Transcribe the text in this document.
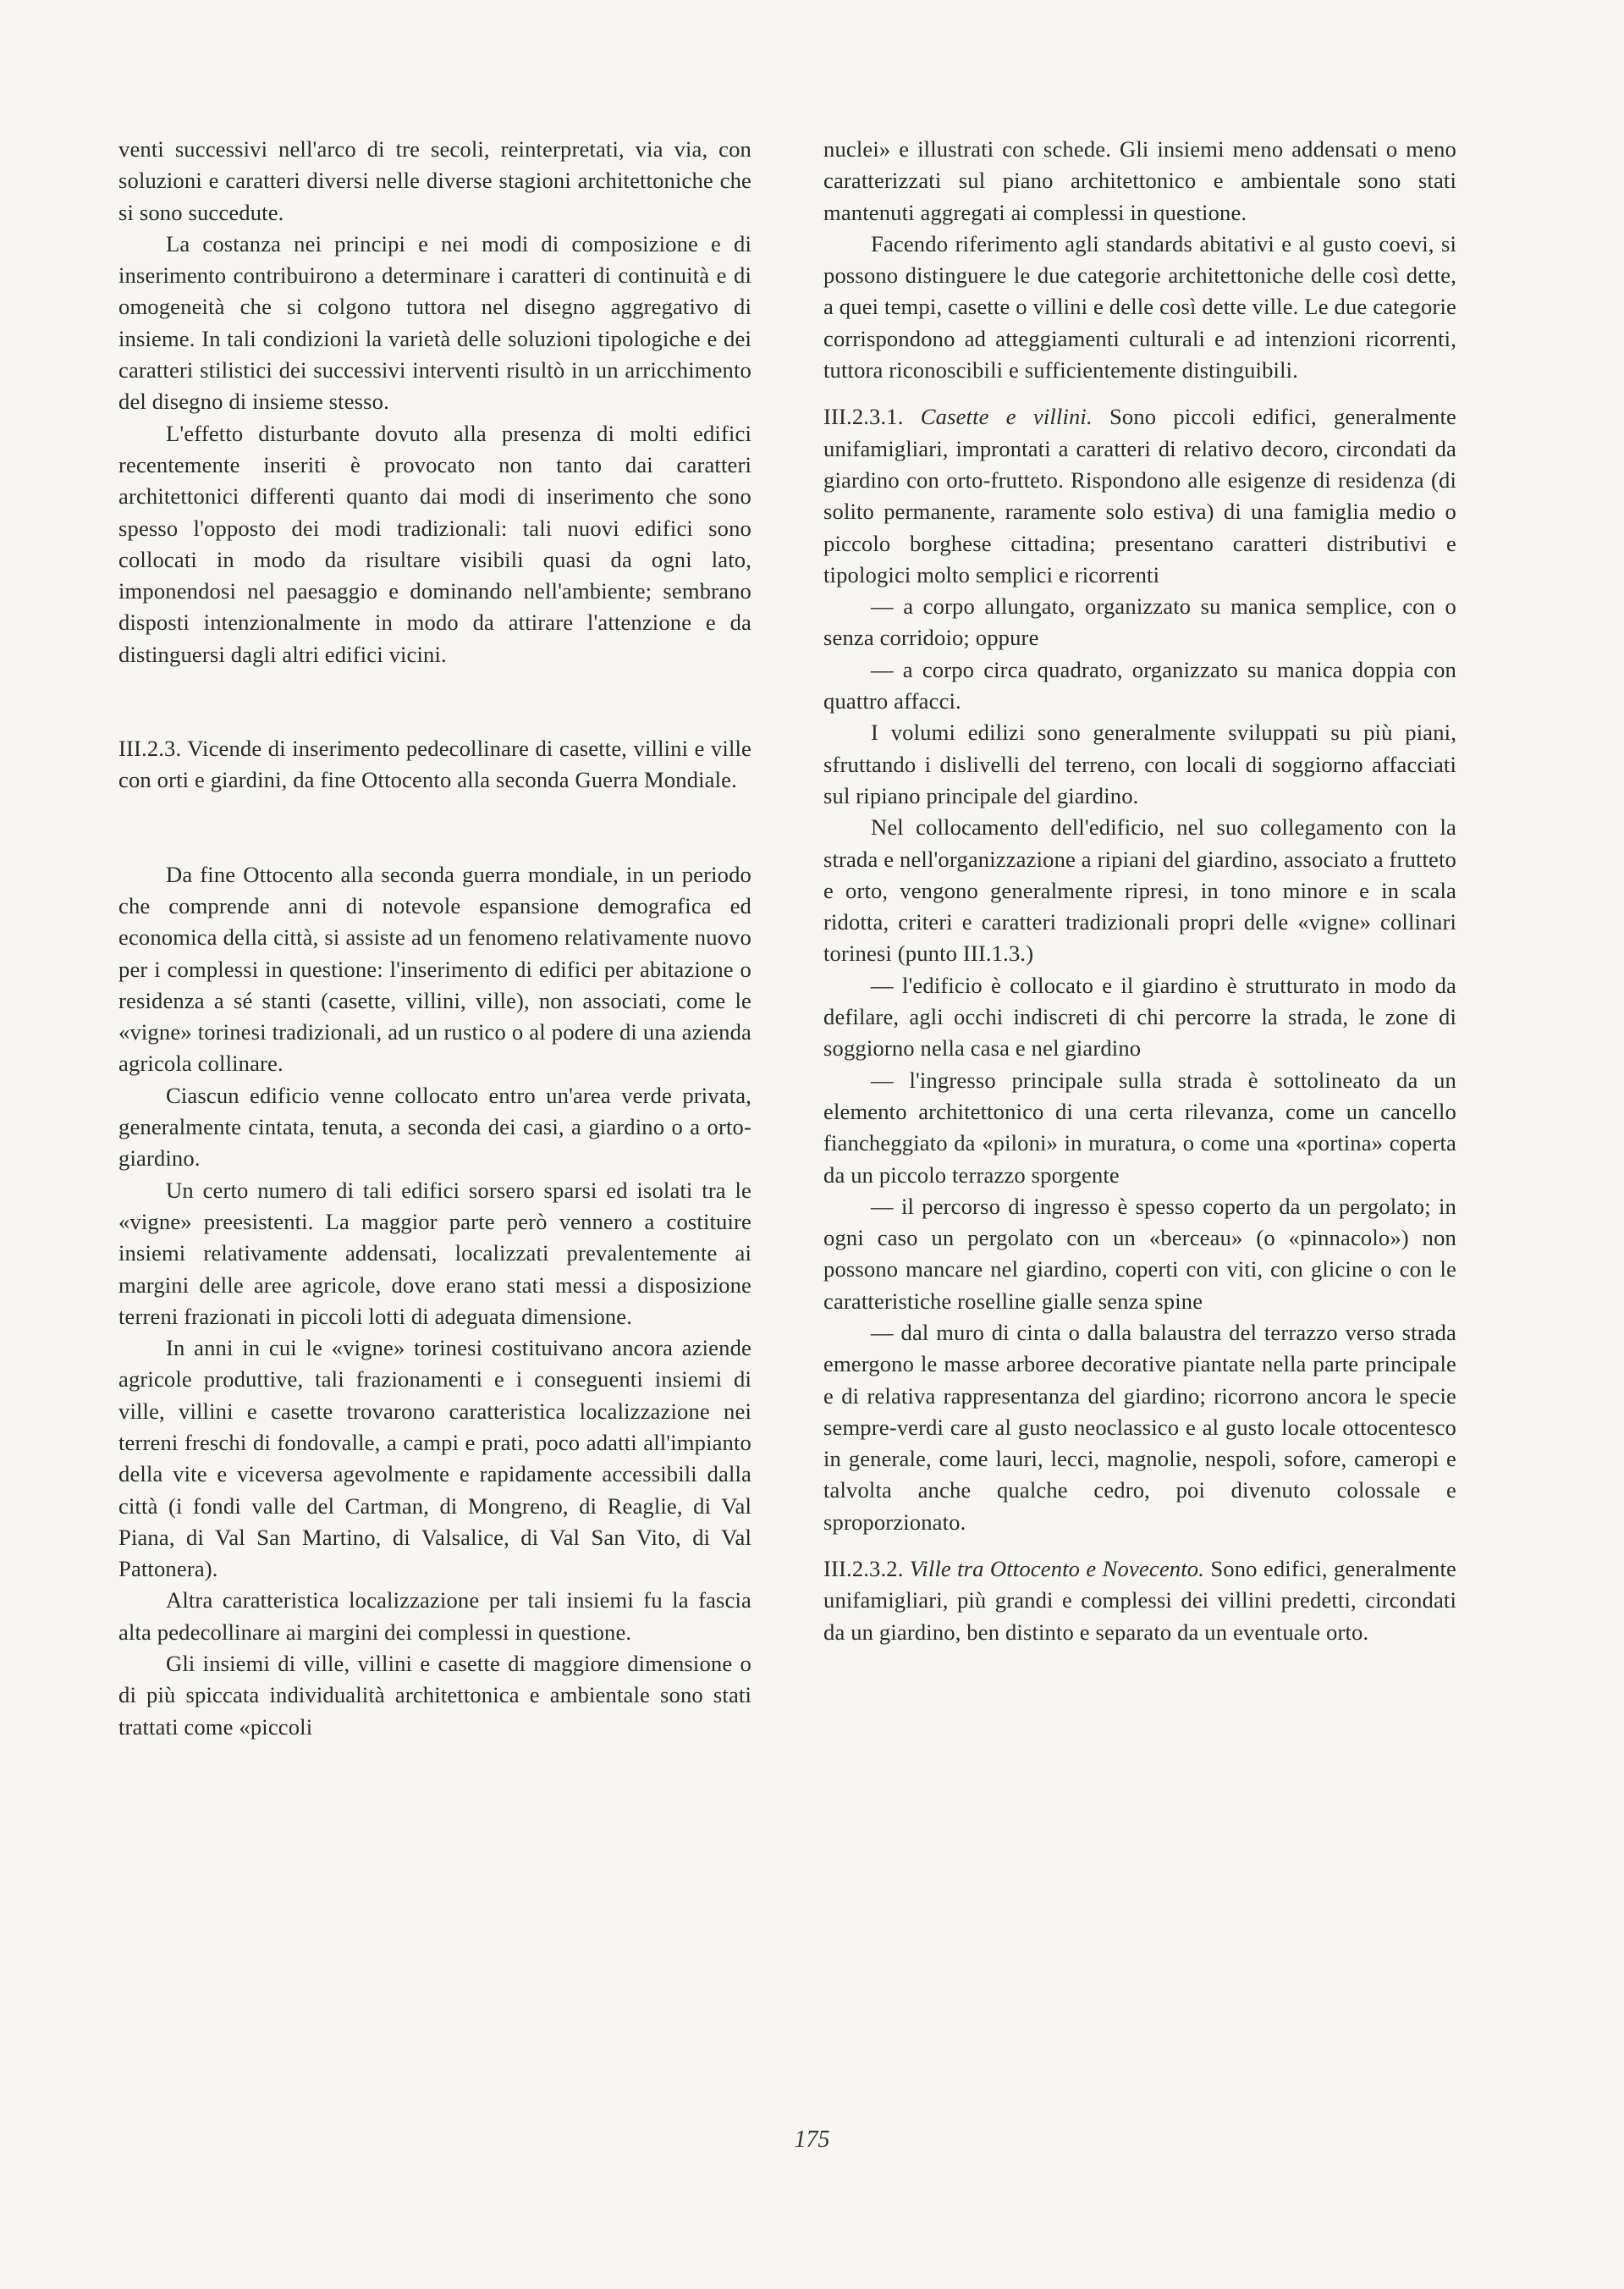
venti successivi nell'arco di tre secoli, reinterpretati, via via, con soluzioni e caratteri diversi nelle diverse stagioni architettoniche che si sono succedute.

La costanza nei principi e nei modi di composizione e di inserimento contribuirono a determinare i caratteri di continuità e di omogeneità che si colgono tuttora nel disegno aggregativo di insieme. In tali condizioni la varietà delle soluzioni tipologiche e dei caratteri stilistici dei successivi interventi risultò in un arricchimento del disegno di insieme stesso.

L'effetto disturbante dovuto alla presenza di molti edifici recentemente inseriti è provocato non tanto dai caratteri architettonici differenti quanto dai modi di inserimento che sono spesso l'opposto dei modi tradizionali: tali nuovi edifici sono collocati in modo da risultare visibili quasi da ogni lato, imponendosi nel paesaggio e dominando nell'ambiente; sembrano disposti intenzionalmente in modo da attirare l'attenzione e da distinguersi dagli altri edifici vicini.

III.2.3. Vicende di inserimento pedecollinare di casette, villini e ville con orti e giardini, da fine Ottocento alla seconda Guerra Mondiale.

Da fine Ottocento alla seconda guerra mondiale, in un periodo che comprende anni di notevole espansione demografica ed economica della città, si assiste ad un fenomeno relativamente nuovo per i complessi in questione: l'inserimento di edifici per abitazione o residenza a sé stanti (casette, villini, ville), non associati, come le «vigne» torinesi tradizionali, ad un rustico o al podere di una azienda agricola collinare.

Ciascun edificio venne collocato entro un'area verde privata, generalmente cintata, tenuta, a seconda dei casi, a giardino o a orto-giardino.

Un certo numero di tali edifici sorsero sparsi ed isolati tra le «vigne» preesistenti. La maggior parte però vennero a costituire insiemi relativamente addensati, localizzati prevalentemente ai margini delle aree agricole, dove erano stati messi a disposizione terreni frazionati in piccoli lotti di adeguata dimensione.

In anni in cui le «vigne» torinesi costituivano ancora aziende agricole produttive, tali frazionamenti e i conseguenti insiemi di ville, villini e casette trovarono caratteristica localizzazione nei terreni freschi di fondovalle, a campi e prati, poco adatti all'impianto della vite e viceversa agevolmente e rapidamente accessibili dalla città (i fondi valle del Cartman, di Mongreno, di Reaglie, di Val Piana, di Val San Martino, di Valsalice, di Val San Vito, di Val Pattonera).

Altra caratteristica localizzazione per tali insiemi fu la fascia alta pedecollinare ai margini dei complessi in questione.

Gli insiemi di ville, villini e casette di maggiore dimensione o di più spiccata individualità architettonica e ambientale sono stati trattati come «piccoli

nuclei» e illustrati con schede. Gli insiemi meno addensati o meno caratterizzati sul piano architettonico e ambientale sono stati mantenuti aggregati ai complessi in questione.

Facendo riferimento agli standards abitativi e al gusto coevi, si possono distinguere le due categorie architettoniche delle così dette, a quei tempi, casette o villini e delle così dette ville. Le due categorie corrispondono ad atteggiamenti culturali e ad intenzioni ricorrenti, tuttora riconoscibili e sufficientemente distinguibili.

III.2.3.1. Casette e villini. Sono piccoli edifici, generalmente unifamigliari, improntati a caratteri di relativo decoro, circondati da giardino con orto-frutteto. Rispondono alle esigenze di residenza (di solito permanente, raramente solo estiva) di una famiglia medio o piccolo borghese cittadina; presentano caratteri distributivi e tipologici molto semplici e ricorrenti

— a corpo allungato, organizzato su manica semplice, con o senza corridoio; oppure

— a corpo circa quadrato, organizzato su manica doppia con quattro affacci.

I volumi edilizi sono generalmente sviluppati su più piani, sfruttando i dislivelli del terreno, con locali di soggiorno affacciati sul ripiano principale del giardino.

Nel collocamento dell'edificio, nel suo collegamento con la strada e nell'organizzazione a ripiani del giardino, associato a frutteto e orto, vengono generalmente ripresi, in tono minore e in scala ridotta, criteri e caratteri tradizionali propri delle «vigne» collinari torinesi (punto III.1.3.)

— l'edificio è collocato e il giardino è strutturato in modo da defilare, agli occhi indiscreti di chi percorre la strada, le zone di soggiorno nella casa e nel giardino

— l'ingresso principale sulla strada è sottolineato da un elemento architettonico di una certa rilevanza, come un cancello fiancheggiato da «piloni» in muratura, o come una «portina» coperta da un piccolo terrazzo sporgente

— il percorso di ingresso è spesso coperto da un pergolato; in ogni caso un pergolato con un «berceau» (o «pinnacolo») non possono mancare nel giardino, coperti con viti, con glicine o con le caratteristiche roselline gialle senza spine

— dal muro di cinta o dalla balaustra del terrazzo verso strada emergono le masse arboree decorative piantate nella parte principale e di relativa rappresentanza del giardino; ricorrono ancora le specie sempre-verdi care al gusto neoclassico e al gusto locale ottocentesco in generale, come lauri, lecci, magnolie, nespoli, sofore, cameropi e talvolta anche qualche cedro, poi divenuto colossale e sproporzionato.

III.2.3.2. Ville tra Ottocento e Novecento. Sono edifici, generalmente unifamigliari, più grandi e complessi dei villini predetti, circondati da un giardino, ben distinto e separato da un eventuale orto.

175
